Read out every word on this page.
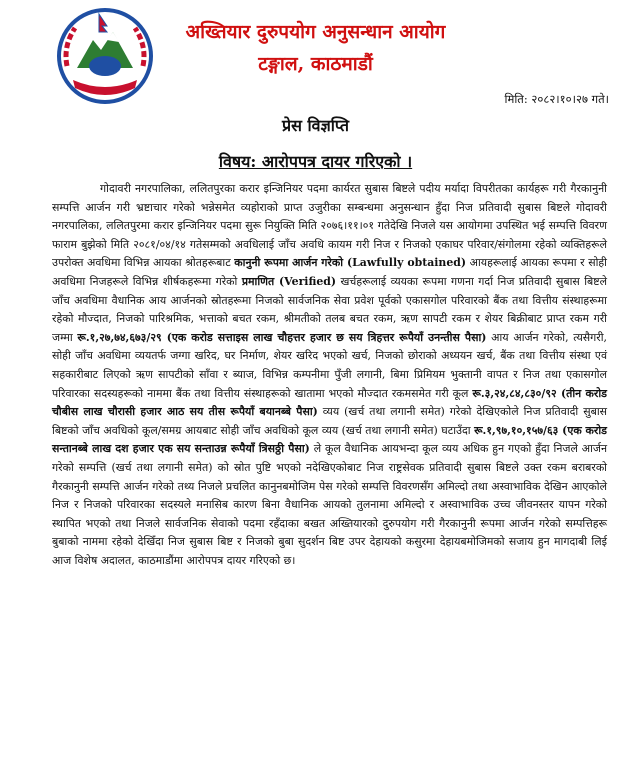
अख्तियार दुरुपयोग अनुसन्धान आयोग
टङ्गाल, काठमाडौं
मिति: २०८२।१०।२७ गते।
प्रेस विज्ञप्ति
विषय: आरोपपत्र दायर गरिएको ।

गोदावरी नगरपालिका, ललितपुरका करार इन्जिनियर पदमा कार्यरत सुबास बिष्टले पदीय मर्यादा विपरीतका कार्यहरू गरी गैरकानुनी सम्पत्ति आर्जन गरी भ्रष्टाचार गरेको भन्नेसमेत व्यहोराको प्राप्त उजुरीका सम्बन्धमा अनुसन्धान हुँदा निज प्रतिवादी सुबास बिष्टले गोदावरी नगरपालिका, ललितपुरमा करार इन्जिनियर पदमा सुरू नियुक्ति मिति २०७६।११।०१ गतेदेखि निजले यस आयोगमा उपस्थित भई सम्पत्ति विवरण फाराम बुझेको मिति २०८१/०४/१४ गतेसम्मको अवधिलाई जाँच अवधि कायम गरी निज र निजको एकाघर परिवार/संगोलमा रहेको व्यक्तिहरूले उपरोक्त अवधिमा विभिन्न आयका श्रोतहरूबाट कानुनी रूपमा आर्जन गरेको (Lawfully obtained) आयहरूलाई आयका रूपमा र सोही अवधिमा निजहरूले विभिन्न शीर्षकहरूमा गरेको प्रमाणित (Verified) खर्चहरूलाई व्ययका रूपमा गणना गर्दा निज प्रतिवादी सुबास बिष्टले जाँच अवधिमा वैधानिक आय आर्जनको स्रोतहरूमा निजको सार्वजनिक सेवा प्रवेश पूर्वको एकासगोल परिवारको बैंक तथा वित्तीय संस्थाहरूमा रहेको मौज्दात, निजको पारिश्रमिक, भत्ताको बचत रकम, श्रीमतीको तलब बचत रकम, ऋण सापटी रकम र शेयर बिक्रीबाट प्राप्त रकम गरी जम्मा रू.१,२७,७४,६७३/२९ (एक करोड सत्ताइस लाख चौहत्तर हजार छ सय त्रिहत्तर रूपैयाँ उनन्तीस पैसा) आय आर्जन गरेको, त्यसैगरी, सोही जाँच अवधिमा व्ययतर्फ जग्गा खरिद, घर निर्माण, शेयर खरिद भएको खर्च, निजको छोराको अध्ययन खर्च, बैंक तथा वित्तीय संस्था एवं सहकारीबाट लिएको ऋण सापटीको साँवा र ब्याज, विभिन्न कम्पनीमा पुँजी लगानी, बिमा प्रिमियम भुक्तानी वापत र निज तथा एकासगोल परिवारका सदस्यहरूको नाममा बैंक तथा वित्तीय संस्थाहरूको खातामा भएको मौज्दात रकमसमेत गरी कूल रू.३,२४,८४,८३०/९२ (तीन करोड चौबीस लाख चौरासी हजार आठ सय तीस रूपैयाँ बयानब्बे पैसा) व्यय (खर्च तथा लगानी समेत) गरेको देखिएकोले निज प्रतिवादी सुबास बिष्टको जाँच अवधिको कूल/समग्र आयबाट सोही जाँच अवधिको कूल व्यय (खर्च तथा लगानी समेत) घटाउँदा रू.१,९७,१०,१५७/६३ (एक करोड सन्तानब्बे लाख दश हजार एक सय सन्ताउन्न रूपैयाँ त्रिसठ्ठी पैसा) ले कूल वैधानिक आयभन्दा कूल व्यय अधिक हुन गएको हुँदा निजले आर्जन गरेको सम्पत्ति (खर्च तथा लगानी समेत) को स्रोत पुष्टि भएको नदेखिएकोबाट निज राष्ट्रसेवक प्रतिवादी सुबास बिष्टले उक्त रकम बराबरको गैरकानुनी सम्पत्ति आर्जन गरेको तथ्य निजले प्रचलित कानुनबमोजिम पेस गरेको सम्पत्ति विवरणसँग अमिल्दो तथा अस्वाभाविक देखिन आएकोले निज र निजको परिवारका सदस्यले मनासिब कारण बिना वैधानिक आयको तुलनामा अमिल्दो र अस्वाभाविक उच्च जीवनस्तर यापन गरेको स्थापित भएको तथा निजले सार्वजनिक सेवाको पदमा रहँदाका बखत अख्तियारको दुरुपयोग गरी गैरकानुनी रूपमा आर्जन गरेको सम्पत्तिहरू बुबाको नाममा रहेको देखिँदा निज सुबास बिष्ट र निजको बुबा सुदर्शन बिष्ट उपर देहायको कसुरमा देहायबमोजिमको सजाय हुन मागदाबी लिई आज विशेष अदालत, काठमाडौंमा आरोपपत्र दायर गरिएको छ।
